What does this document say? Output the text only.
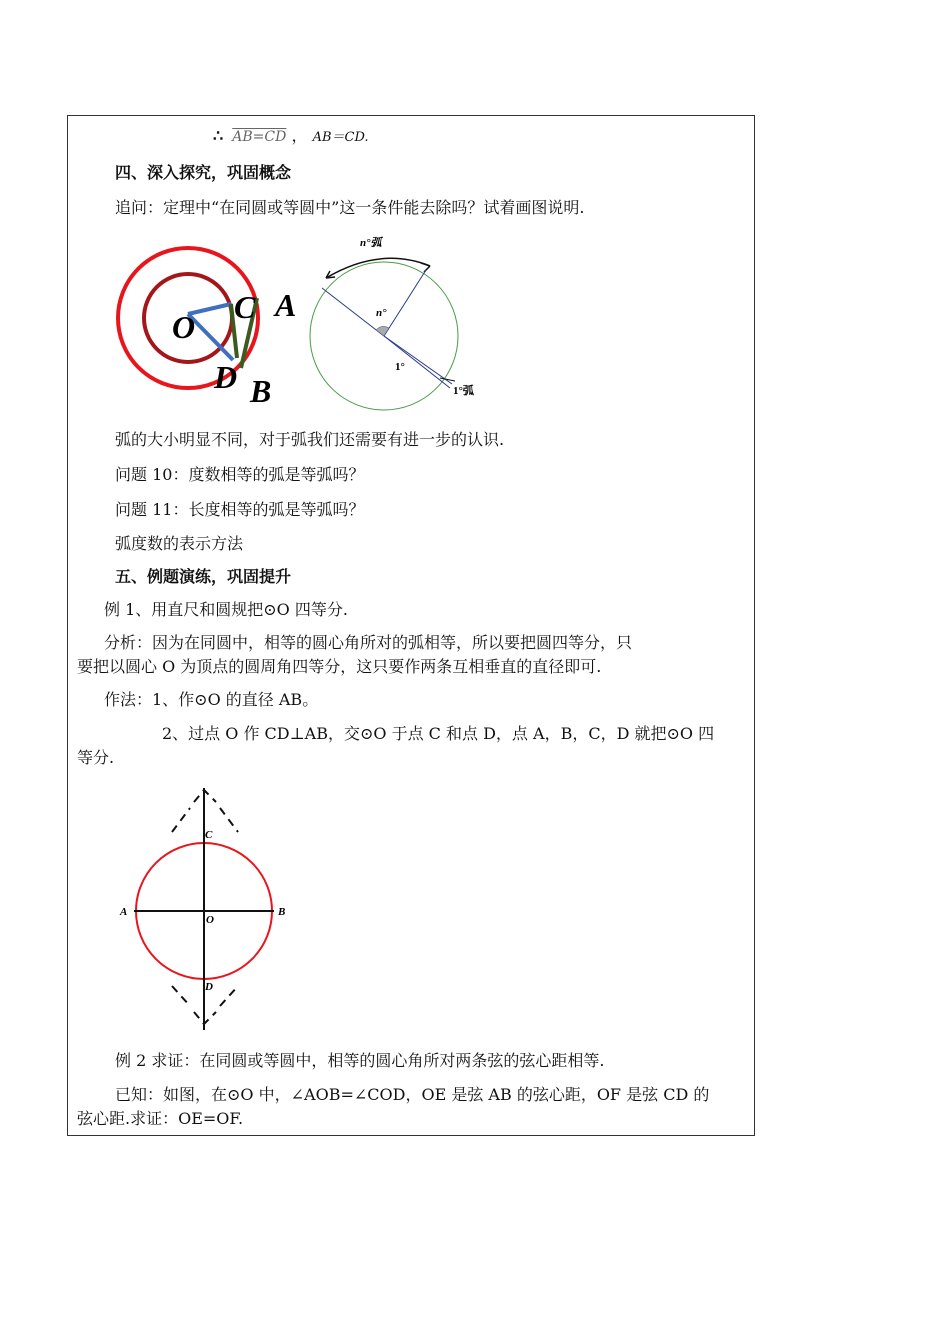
∴ AB=CD ， AB＝CD.
四、深入探究，巩固概念
追问：定理中“在同圆或等圆中”这一条件能去除吗？试着画图说明.
O
C A
D B
n°弧
n°
1°
1°弧
弧的大小明显不同，对于弧我们还需要有进一步的认识.
问题 10：度数相等的弧是等弧吗？
问题 11：长度相等的弧是等弧吗？
弧度数的表示方法
五、例题演练，巩固提升
例 1、用直尺和圆规把⊙O 四等分.
分析：因为在同圆中，相等的圆心角所对的弧相等，所以要把圆四等分，只
要把以圆心 O 为顶点的圆周角四等分，这只要作两条互相垂直的直径即可.
作法：1、作⊙O 的直径 AB。
2、过点 O 作 CD⊥AB，交⊙O 于点 C 和点 D，点 A，B，C，D 就把⊙O 四
等分.
C
A
O
B
D
例 2 求证：在同圆或等圆中，相等的圆心角所对两条弦的弦心距相等.
已知：如图，在⊙O 中，∠AOB=∠COD，OE 是弦 AB 的弦心距，OF 是弦 CD 的
弦心距.求证：OE=OF.
